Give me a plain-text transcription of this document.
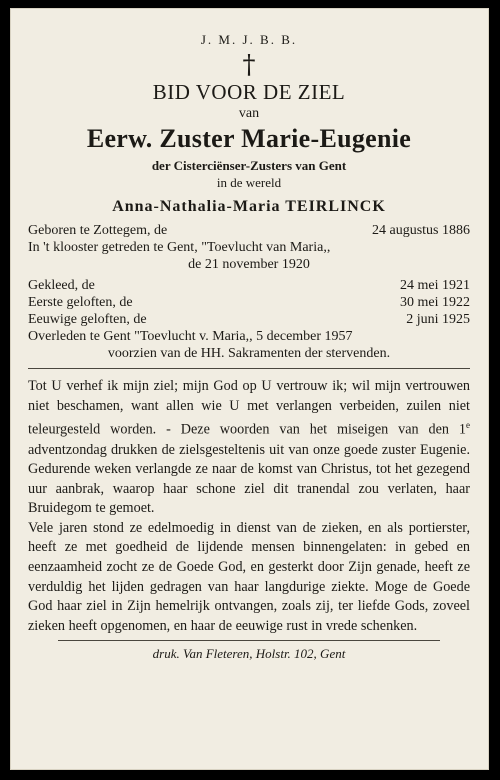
J. M. J. B. B.
†
BID VOOR DE ZIEL
van
Eerw. Zuster Marie-Eugenie
der Cisterciënser-Zusters van Gent
in de wereld
Anna-Nathalia-Maria TEIRLINCK
Geboren te Zottegem, de	24 augustus 1886
In 't klooster getreden te Gent, "Toevlucht van Maria,,
de 21 november 1920
Gekleed, de	24 mei 1921
Eerste geloften, de	30 mei 1922
Eeuwige geloften, de	2 juni 1925
Overleden te Gent "Toevlucht v. Maria,, 5 december 1957
voorzien van de HH. Sakramenten der stervenden.

Tot U verhef ik mijn ziel; mijn God op U vertrouw ik; wil mijn vertrouwen niet beschamen, want allen wie U met verlangen verbeiden, zuilen niet teleurgesteld worden. - Deze woorden van het miseigen van den 1e adventzondag drukken de zielsgesteltenis uit van onze goede zuster Eugenie. Gedurende weken verlangde ze naar de komst van Christus, tot het gezegend uur aanbrak, waarop haar schone ziel dit tranendal zou verlaten, haar Bruidegom te gemoet.

Vele jaren stond ze edelmoedig in dienst van de zieken, en als portierster, heeft ze met goedheid de lijdende mensen binnengelaten: in gebed en eenzaamheid zocht ze de Goede God, en gesterkt door Zijn genade, heeft ze verduldig het lijden gedragen van haar langdurige ziekte. Moge de Goede God haar ziel in Zijn hemelrijk ontvangen, zoals zij, ter liefde Gods, zoveel zieken heeft opgenomen, en haar de eeuwige rust in vrede schenken.

druk. Van Fleteren, Holstr. 102, Gent
